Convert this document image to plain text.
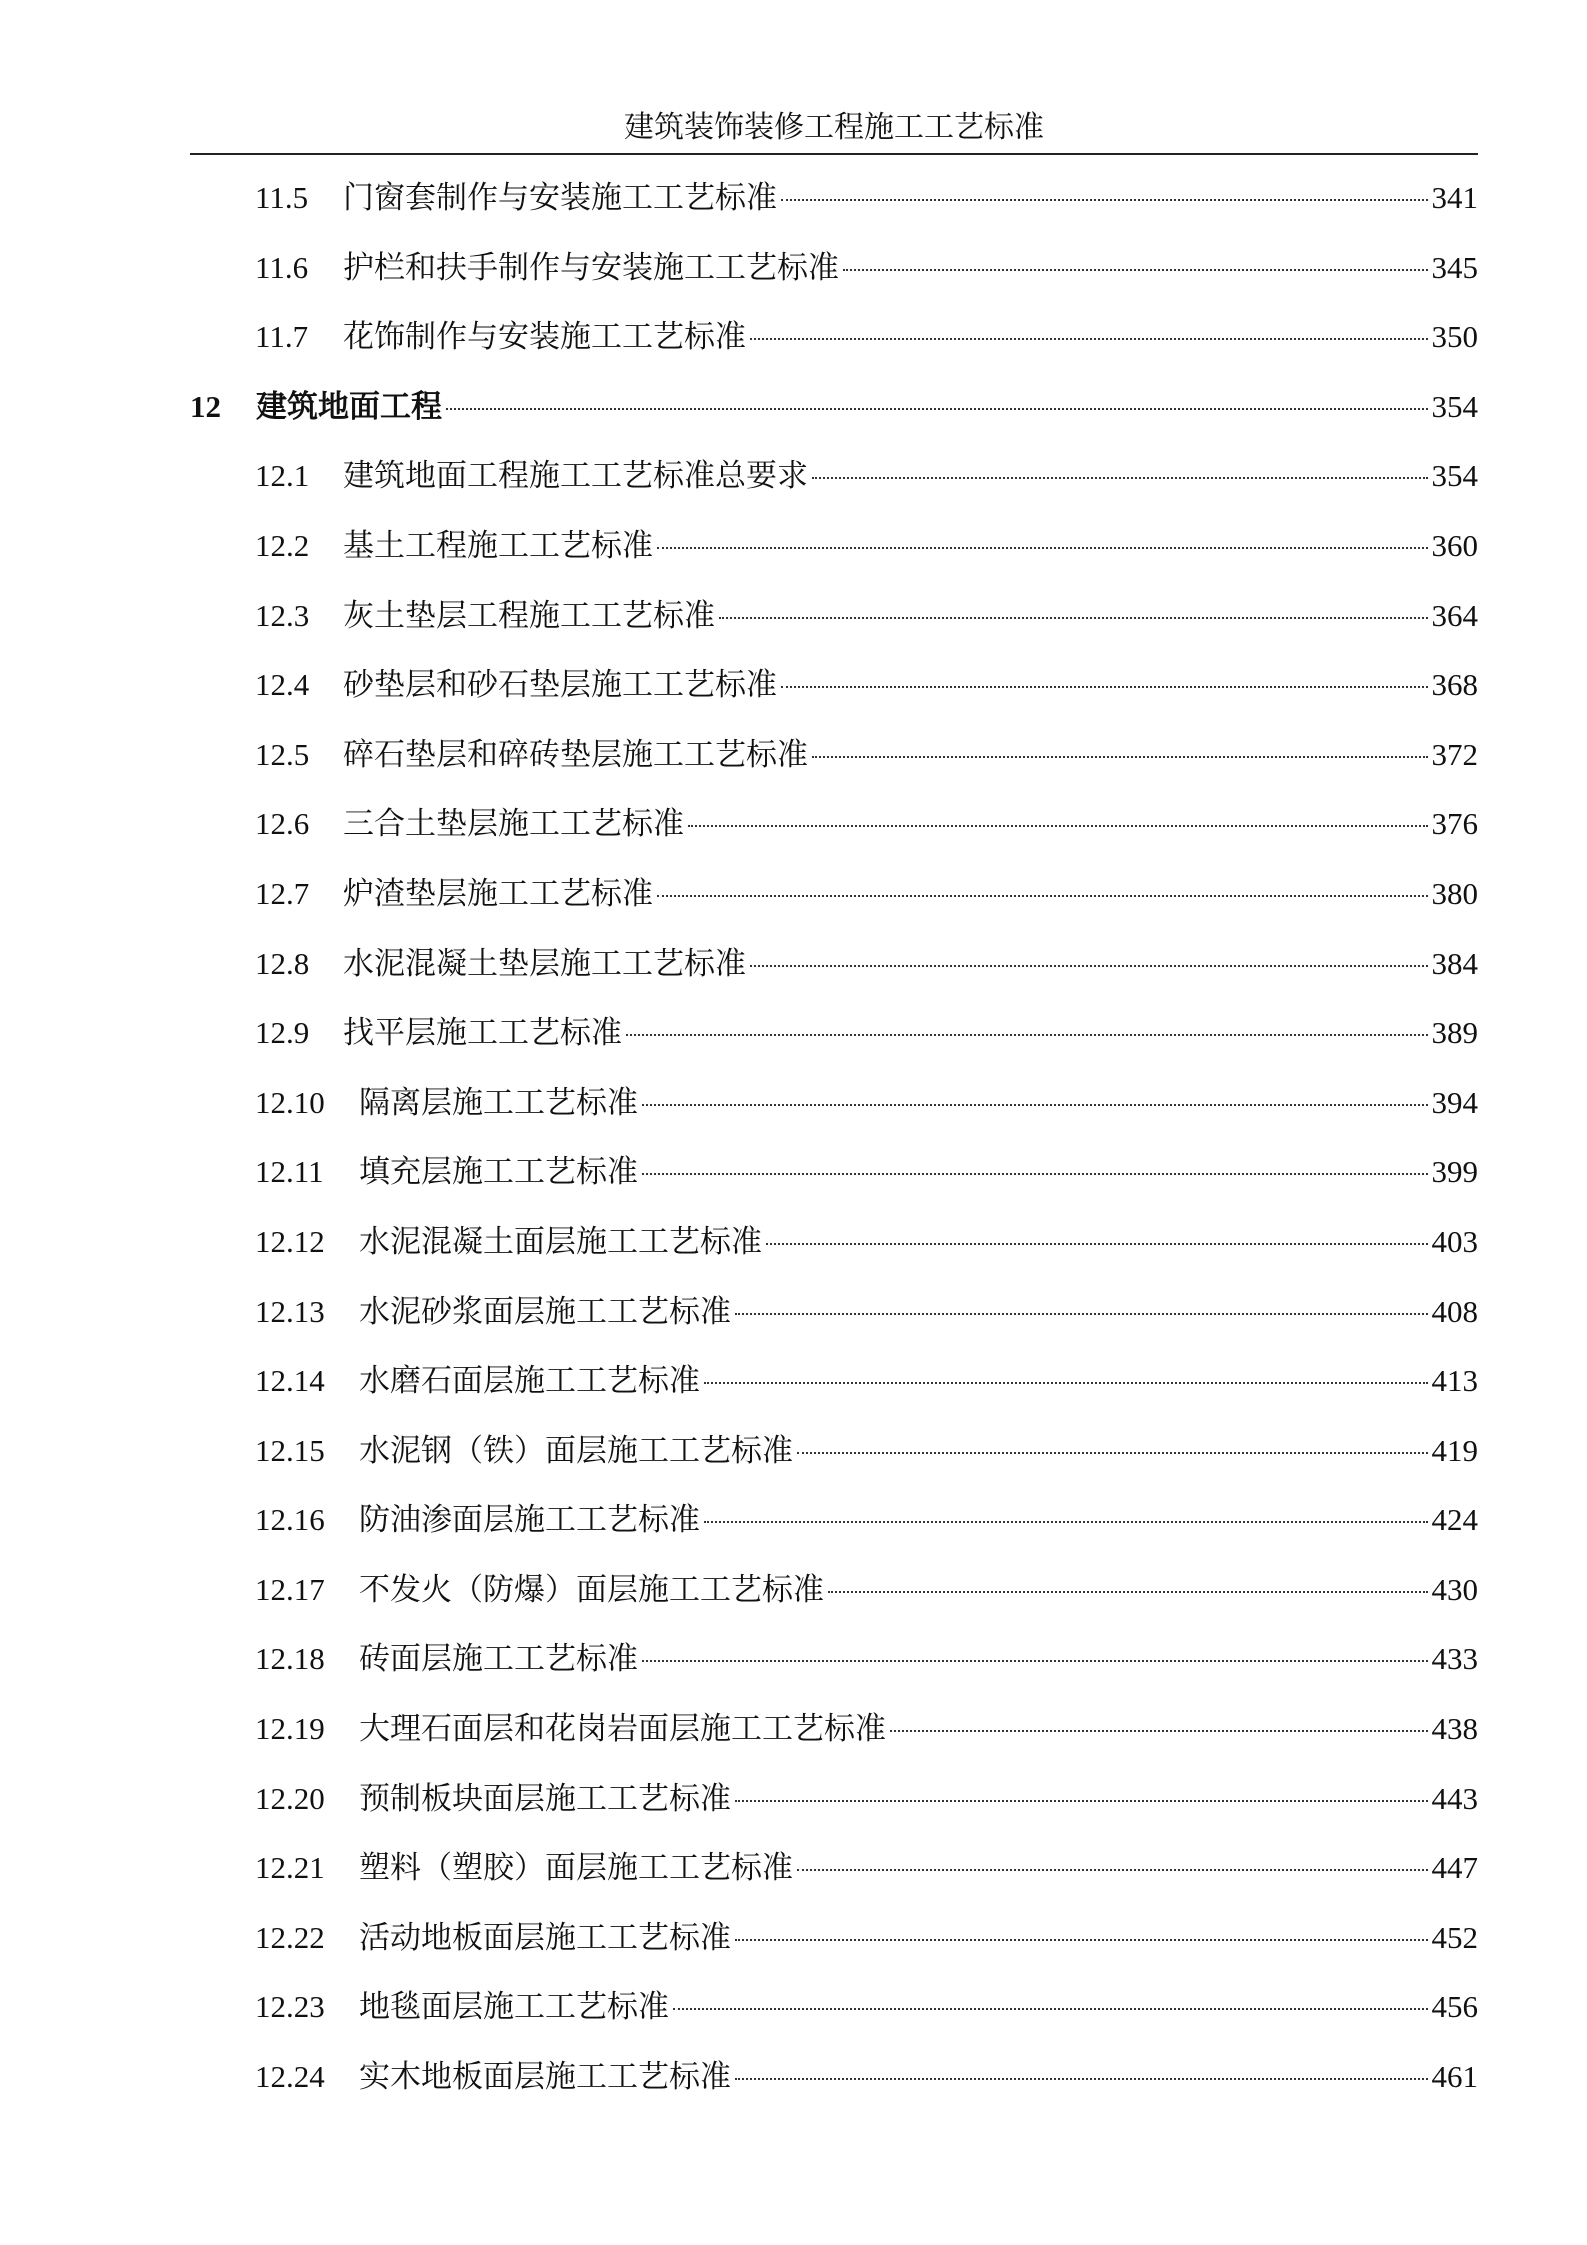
建筑装饰装修工程施工工艺标准
11.5	门窗套制作与安装施工工艺标准	341
11.6	护栏和扶手制作与安装施工工艺标准	345
11.7	花饰制作与安装施工工艺标准	350
12	建筑地面工程	354
12.1	建筑地面工程施工工艺标准总要求	354
12.2	基土工程施工工艺标准	360
12.3	灰土垫层工程施工工艺标准	364
12.4	砂垫层和砂石垫层施工工艺标准	368
12.5	碎石垫层和碎砖垫层施工工艺标准	372
12.6	三合土垫层施工工艺标准	376
12.7	炉渣垫层施工工艺标准	380
12.8	水泥混凝土垫层施工工艺标准	384
12.9	找平层施工工艺标准	389
12.10	隔离层施工工艺标准	394
12.11	填充层施工工艺标准	399
12.12	水泥混凝土面层施工工艺标准	403
12.13	水泥砂浆面层施工工艺标准	408
12.14	水磨石面层施工工艺标准	413
12.15	水泥钢（铁）面层施工工艺标准	419
12.16	防油渗面层施工工艺标准	424
12.17	不发火（防爆）面层施工工艺标准	430
12.18	砖面层施工工艺标准	433
12.19	大理石面层和花岗岩面层施工工艺标准	438
12.20	预制板块面层施工工艺标准	443
12.21	塑料（塑胶）面层施工工艺标准	447
12.22	活动地板面层施工工艺标准	452
12.23	地毯面层施工工艺标准	456
12.24	实木地板面层施工工艺标准	461
